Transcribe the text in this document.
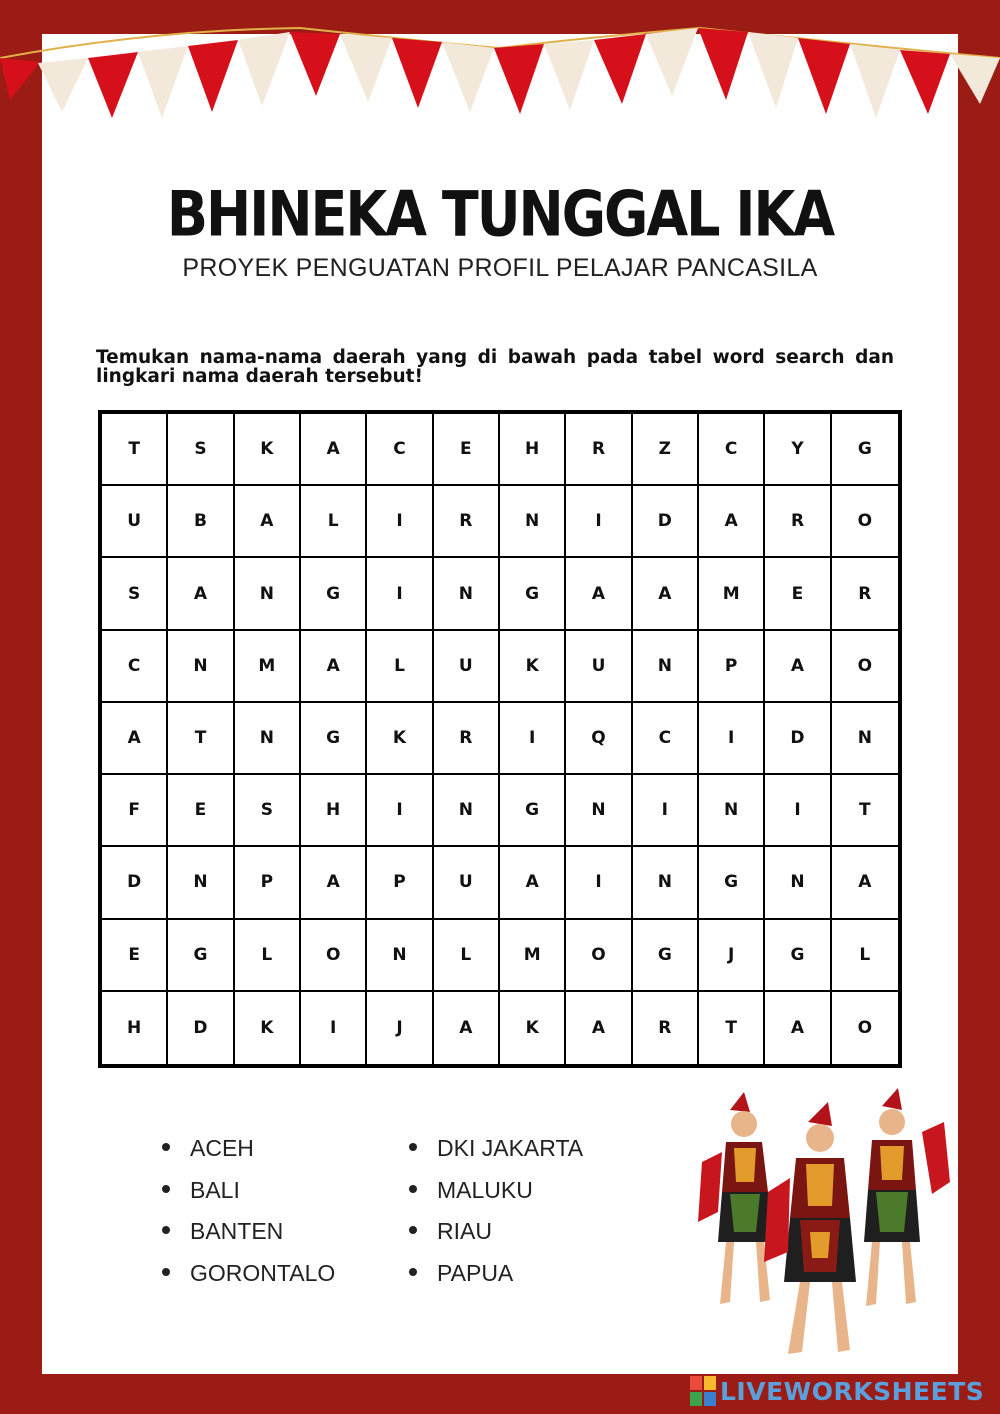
BHINEKA TUNGGAL IKA
PROYEK PENGUATAN PROFIL PELAJAR PANCASILA
Temukan nama-nama daerah yang di bawah pada tabel word search dan lingkari nama daerah tersebut!
T	S	K	A	C	E	H	R	Z	C	Y	G
U	B	A	L	I	R	N	I	D	A	R	O
S	A	N	G	I	N	G	A	A	M	E	R
C	N	M	A	L	U	K	U	N	P	A	O
A	T	N	G	K	R	I	Q	C	I	D	N
F	E	S	H	I	N	G	N	I	N	I	T
D	N	P	A	P	U	A	I	N	G	N	A
E	G	L	O	N	L	M	O	G	J	G	L
H	D	K	I	J	A	K	A	R	T	A	O
ACEH
BALI
BANTEN
GORONTALO
DKI JAKARTA
MALUKU
RIAU
PAPUA
LIVEWORKSHEETS
